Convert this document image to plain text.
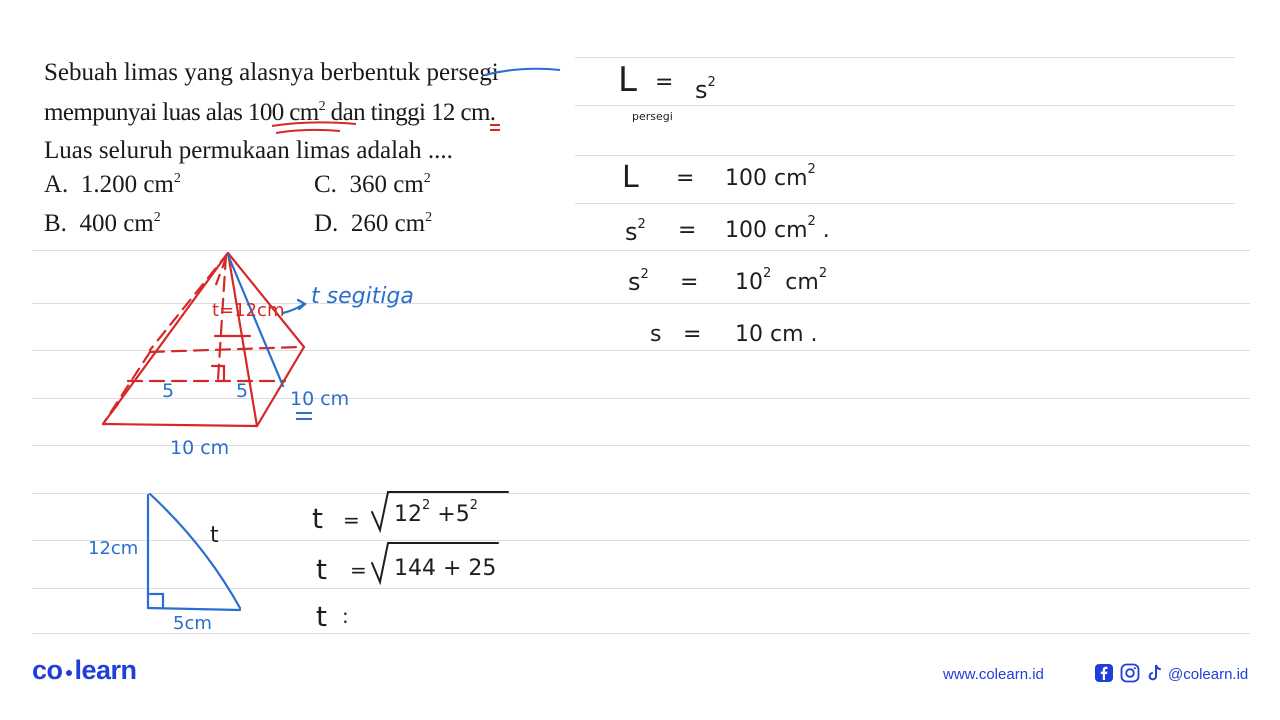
Sebuah limas yang alasnya berbentuk persegi
mempunyai luas alas 100 $cm^2$ dan tinggi 12 cm.
Luas seluruh permukaan limas adalah ....
A. 1.200 $cm^2$	C. 360 $cm^2$
B. 400 $cm^2$	D. 260 $cm^2$
t=12cm
t segitiga
5	5 10 cm
10 cm
12cm
t
5cm
L
persegi
= $s^2$
L = 100 $cm^2$
$s^2 = 100$ $cm^2$ .
$s^2 = 10^2$ $cm^2$
s = 10 cm .
$t = 12^2 +5^2$
t = 144 + 25
t :
co learn	www.colearn.id	@colearn.id
